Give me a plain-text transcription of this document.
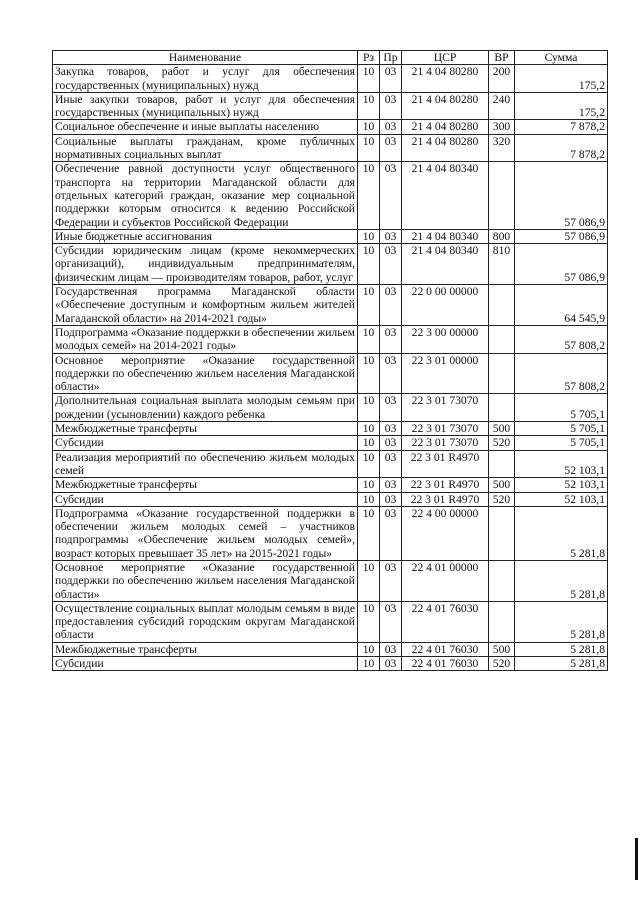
Наименование	Рз	Пр	ЦСР	ВР	Сумма
Закупка товаров, работ и услуг для обеспечения государственных (муниципальных) нужд	10	03	21 4 04 80280	200	175,2
Иные закупки товаров, работ и услуг для обеспечения государственных (муниципальных) нужд	10	03	21 4 04 80280	240	175,2
Социальное обеспечение и иные выплаты населению	10	03	21 4 04 80280	300	7 878,2
Социальные выплаты гражданам, кроме публичных нормативных социальных выплат	10	03	21 4 04 80280	320	7 878,2
Обеспечение равной доступности услуг общественного транспорта на территории Магаданской области для отдельных категорий граждан, оказание мер социальной поддержки которым относится к ведению Российской Федерации и субъектов Российской Федерации	10	03	21 4 04 80340		57 086,9
Иные бюджетные ассигнования	10	03	21 4 04 80340	800	57 086,9
Субсидии юридическим лицам (кроме некоммерческих организаций), индивидуальным предпринимателям, физическим лицам — производителям товаров, работ, услуг	10	03	21 4 04 80340	810	57 086,9
Государственная программа Магаданской области «Обеспечение доступным и комфортным жильем жителей Магаданской области» на 2014-2021 годы»	10	03	22 0 00 00000		64 545,9
Подпрограмма «Оказание поддержки в обеспечении жильем молодых семей» на 2014-2021 годы»	10	03	22 3 00 00000		57 808,2
Основное мероприятие «Оказание государственной поддержки по обеспечению жильем населения Магаданской области»	10	03	22 3 01 00000		57 808,2
Дополнительная социальная выплата молодым семьям при рождении (усыновлении) каждого ребенка	10	03	22 3 01 73070		5 705,1
Межбюджетные трансферты	10	03	22 3 01 73070	500	5 705,1
Субсидии	10	03	22 3 01 73070	520	5 705,1
Реализация мероприятий по обеспечению жильем молодых семей	10	03	22 3 01 R4970		52 103,1
Межбюджетные трансферты	10	03	22 3 01 R4970	500	52 103,1
Субсидии	10	03	22 3 01 R4970	520	52 103,1
Подпрограмма «Оказание государственной поддержки в обеспечении жильем молодых семей – участников подпрограммы «Обеспечение жильем молодых семей», возраст которых превышает 35 лет» на 2015-2021 годы»	10	03	22 4 00 00000		5 281,8
Основное мероприятие «Оказание государственной поддержки по обеспечению жильем населения Магаданской области»	10	03	22 4 01 00000		5 281,8
Осуществление социальных выплат молодым семьям в виде предоставления субсидий городским округам Магаданской области	10	03	22 4 01 76030		5 281,8
Межбюджетные трансферты	10	03	22 4 01 76030	500	5 281,8
Субсидии	10	03	22 4 01 76030	520	5 281,8
